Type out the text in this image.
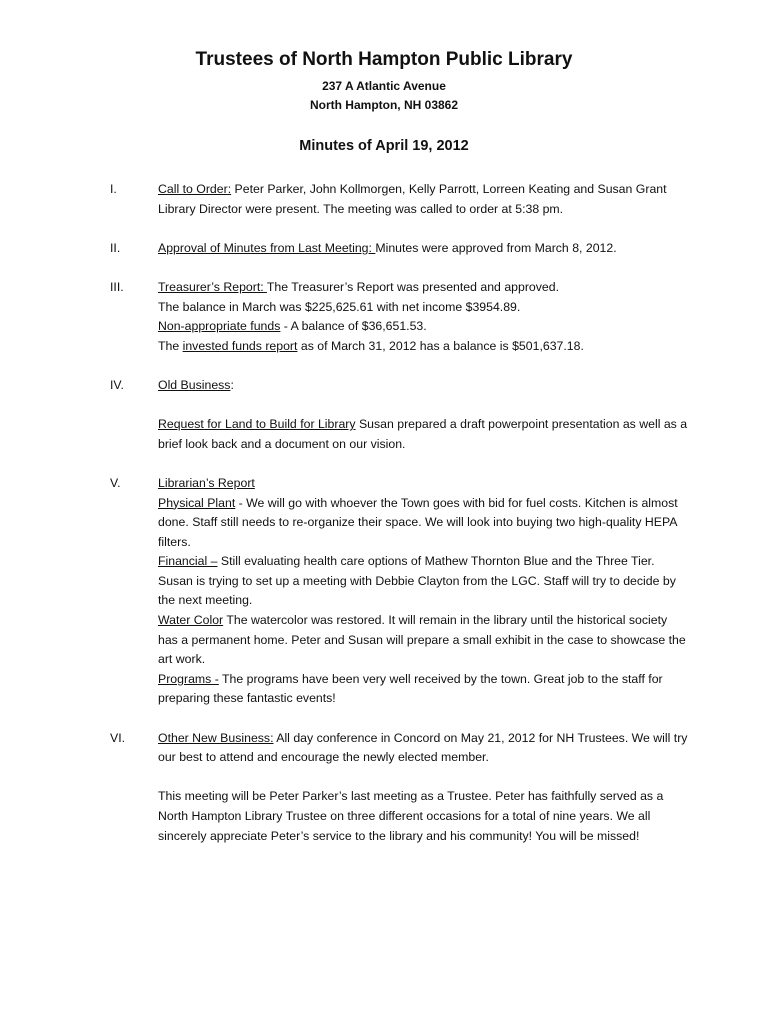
Trustees of North Hampton Public Library
237 A Atlantic Avenue
North Hampton, NH 03862
Minutes of April 19, 2012
I.	Call to Order: Peter Parker, John Kollmorgen, Kelly Parrott, Lorreen Keating and Susan Grant Library Director were present. The meeting was called to order at 5:38 pm.

II.	Approval of Minutes from Last Meeting: Minutes were approved from March 8, 2012.

III.	Treasurer’s Report: The Treasurer’s Report was presented and approved.

The balance in March was $225,625.61 with net income $3954.89.

Non-appropriate funds - A balance of $36,651.53.

The invested funds report as of March 31, 2012 has a balance is $501,637.18.

IV.	Old Business:

Request for Land to Build for Library Susan prepared a draft powerpoint presentation as well as a brief look back and a document on our vision.

V.	Librarian’s Report

Physical Plant - We will go with whoever the Town goes with bid for fuel costs. Kitchen is almost done. Staff still needs to re-organize their space. We will look into buying two high-quality HEPA filters.

Financial – Still evaluating health care options of Mathew Thornton Blue and the Three Tier. Susan is trying to set up a meeting with Debbie Clayton from the LGC. Staff will try to decide by the next meeting.

Water Color The watercolor was restored. It will remain in the library until the historical society has a permanent home. Peter and Susan will prepare a small exhibit in the case to showcase the art work.

Programs - The programs have been very well received by the town. Great job to the staff for preparing these fantastic events!

VI.	Other New Business: All day conference in Concord on May 21, 2012 for NH Trustees. We will try our best to attend and encourage the newly elected member.

This meeting will be Peter Parker’s last meeting as a Trustee. Peter has faithfully served as a North Hampton Library Trustee on three different occasions for a total of nine years. We all sincerely appreciate Peter’s service to the library and his community! You will be missed!
